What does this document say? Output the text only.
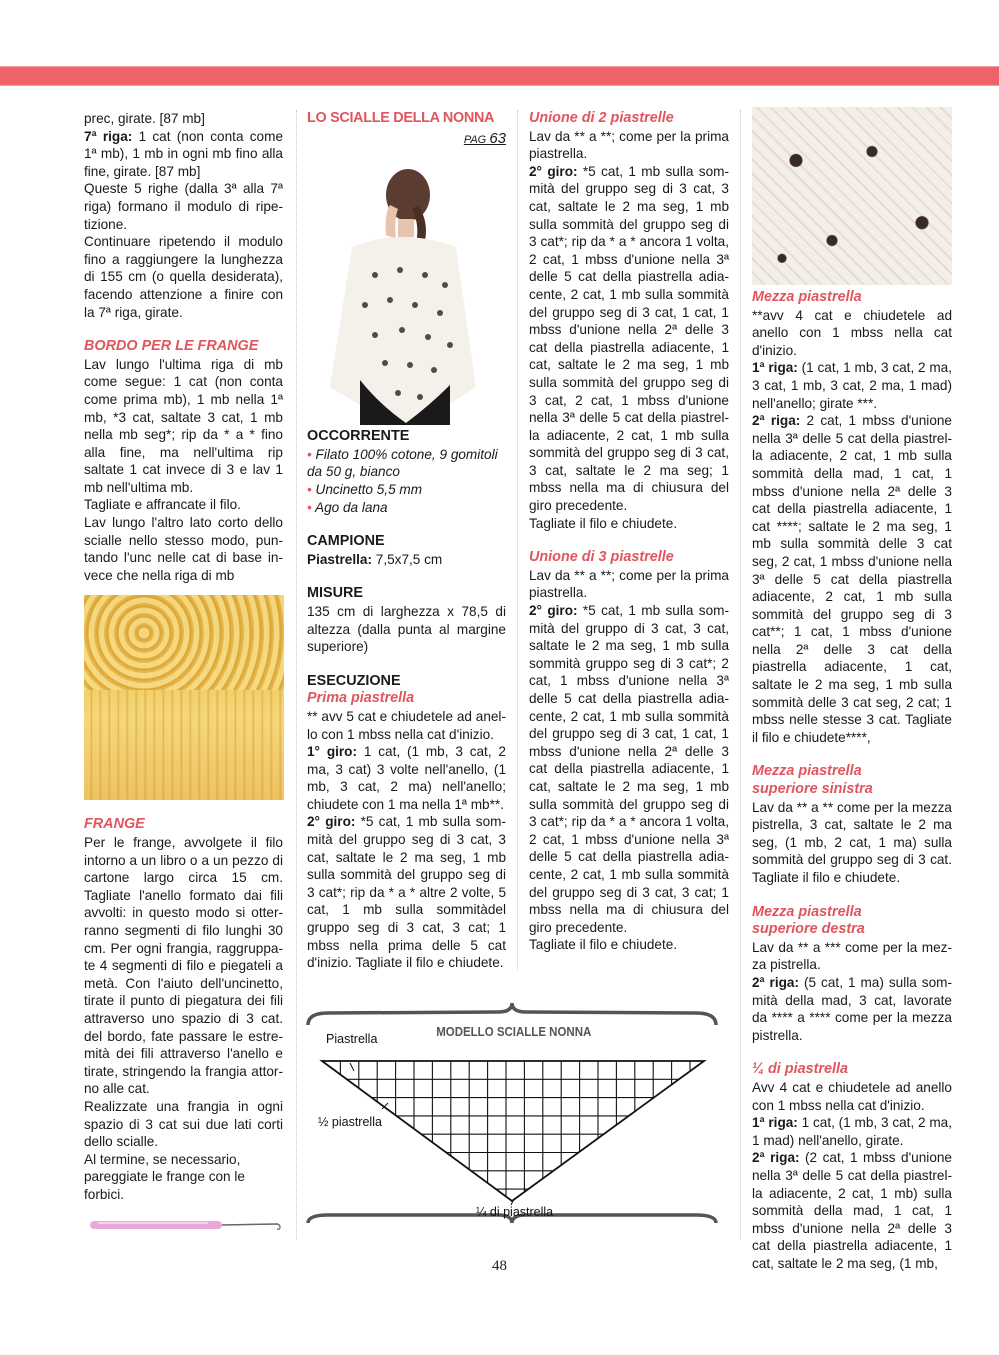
prec, girate. [87 mb]

7ª riga: 1 cat (non conta come 1ª mb), 1 mb in ogni mb fino alla fine, girate. [87 mb]

Queste 5 righe (dalla 3ª alla 7ª riga) formano il modulo di ripetizione.

Continuare ripetendo il modulo fino a raggiungere la lunghezza di 155 cm (o quella desiderata), facendo attenzione a finire con la 7ª riga, girate.

BORDO PER LE FRANGE

Lav lungo l'ultima riga di mb come segue: 1 cat (non conta come prima mb), 1 mb nella 1ª mb, *3 cat, saltate 3 cat, 1 mb nella mb seg*; rip da * a * fino alla fine, ma nell'ultima rip saltate 1 cat invece di 3 e lav 1 mb nell'ultima mb.

Tagliate e affrancate il filo.

Lav lungo l'altro lato corto dello scialle nello stesso modo, puntando l'unc nelle cat di base invece che nella riga di mb

FRANGE

Per le frange, avvolgete il filo intorno a un libro o a un pezzo di cartone largo circa 15 cm. Tagliate l'anello formato dai fili avvolti: in questo modo si otterranno segmenti di filo lunghi 30 cm. Per ogni frangia, raggruppate 4 segmenti di filo e piegateli a metà. Con l'aiuto dell'uncinetto, tirate il punto di piegatura dei fili attraverso uno spazio di 3 cat. del bordo, fate passare le estremità dei fili attraverso l'anello e tirate, stringendo la frangia attorno alle cat.

Realizzate una frangia in ogni spazio di 3 cat sui due lati corti dello scialle.

Al termine, se necessario, pareggiate le frange con le forbici.

LO SCIALLE DELLA NONNA

PAG 63

OCCORRENTE

• Filato 100% cotone, 9 gomitoli da 50 g, bianco

• Uncinetto 5,5 mm

• Ago da lana

CAMPIONE

Piastrella: 7,5x7,5 cm

MISURE

135 cm di larghezza x 78,5 di altezza (dalla punta al margine superiore)

ESECUZIONE

Prima piastrella

** avv 5 cat e chiudetele ad anello con 1 mbss nella cat d'inizio.

1° giro: 1 cat, (1 mb, 3 cat, 2 ma, 3 cat) 3 volte nell'anello, (1 mb, 3 cat, 2 ma) nell'anello; chiudete con 1 ma nella 1ª mb**.

2° giro: *5 cat, 1 mb sulla sommità del gruppo seg di 3 cat, 3 cat, saltate le 2 ma seg, 1 mb sulla sommità del gruppo seg di 3 cat*; rip da * a * altre 2 volte, 5 cat, 1 mb sulla sommitàdel gruppo seg di 3 cat, 3 cat; 1 mbss nella prima delle 5 cat d'inizio. Tagliate il filo e chiudete.

Unione di 2 piastrelle

Lav da ** a **; come per la prima piastrella.

2° giro: *5 cat, 1 mb sulla sommità del gruppo seg di 3 cat, 3 cat, saltate le 2 ma seg, 1 mb sulla sommità del gruppo seg di 3 cat*; rip da * a * ancora 1 volta, 2 cat, 1 mbss d'unione nella 3ª delle 5 cat della piastrella adiacente, 2 cat, 1 mb sulla sommità del gruppo seg di 3 cat, 1 cat, 1 mbss d'unione nella 2ª delle 3 cat della piastrella adiacente, 1 cat, saltate le 2 ma seg, 1 mb sulla sommità del gruppo seg di 3 cat, 2 cat, 1 mbss d'unione nella 3ª delle 5 cat della piastrella adiacente, 2 cat, 1 mb sulla sommità del gruppo seg di 3 cat, 3 cat, saltate le 2 ma seg; 1 mbss nella ma di chiusura del giro precedente.

Tagliate il filo e chiudete.

Unione di 3 piastrelle

Lav da ** a **; come per la prima piastrella.

2° giro: *5 cat, 1 mb sulla sommità del gruppo di 3 cat, 3 cat, saltate le 2 ma seg, 1 mb sulla sommità gruppo seg di 3 cat*; 2 cat, 1 mbss d'unione nella 3ª delle 5 cat della piastrella adiacente, 2 cat, 1 mb sulla sommità del gruppo seg di 3 cat, 1 cat, 1 mbss d'unione nella 2ª delle 3 cat della piastrella adiacente, 1 cat, saltate le 2 ma seg, 1 mb sulla sommità del gruppo seg di 3 cat*; rip da * a * ancora 1 volta, 2 cat, 1 mbss d'unione nella 3ª delle 5 cat della piastrella adiacente, 2 cat, 1 mb sulla sommità del gruppo seg di 3 cat, 3 cat; 1 mbss nella ma di chiusura del giro precedente.

Tagliate il filo e chiudete.

Mezza piastrella

**avv 4 cat e chiudetele ad anello con 1 mbss nella cat d'inizio.

1ª riga: (1 cat, 1 mb, 3 cat, 2 ma, 3 cat, 1 mb, 3 cat, 2 ma, 1 mad) nell'anello; girate ***.

2ª riga: 2 cat, 1 mbss d'unione nella 3ª delle 5 cat della piastrella adiacente, 2 cat, 1 mb sulla sommità della mad, 1 cat, 1 mbss d'unione nella 2ª delle 3 cat della piastrella adiacente, 1 cat ****; saltate le 2 ma seg, 1 mb sulla sommità delle 3 cat seg, 2 cat, 1 mbss d'unione nella 3ª delle 5 cat della piastrella adiacente, 2 cat, 1 mb sulla sommità del gruppo seg di 3 cat**; 1 cat, 1 mbss d'unione nella 2ª delle 3 cat della piastrella adiacente, 1 cat, saltate le 2 ma seg, 1 mb sulla sommità delle 3 cat seg, 2 cat; 1 mbss nelle stesse 3 cat. Tagliate il filo e chiudete****,

Mezza piastrella
superiore sinistra

Lav da ** a ** come per la mezza pistrella, 3 cat, saltate le 2 ma seg, (1 mb, 2 cat, 1 ma) sulla sommità del gruppo seg di 3 cat. Tagliate il filo e chiudete.

Mezza piastrella
superiore destra

Lav da ** a *** come per la mezza pistrella.

2ª riga: (5 cat, 1 ma) sulla sommità della mad, 3 cat, lavorate da **** a **** come per la mezza pistrella.

¼ di piastrella

Avv 4 cat e chiudetele ad anello con 1 mbss nella cat d'inizio.

1ª riga: 1 cat, (1 mb, 3 cat, 2 ma, 1 mad) nell'anello, girate.

2ª riga: (2 cat, 1 mbss d'unione nella 3ª delle 5 cat della piastrella adiacente, 2 cat, 1 mb) sulla sommità della mad, 1 cat, 1 mbss d'unione nella 2ª delle 3 cat della piastrella adiacente, 1 cat, saltate le 2 ma seg, (1 mb,

MODELLO SCIALLE NONNA
Piastrella
½ piastrella
¼ di piastrella
48
